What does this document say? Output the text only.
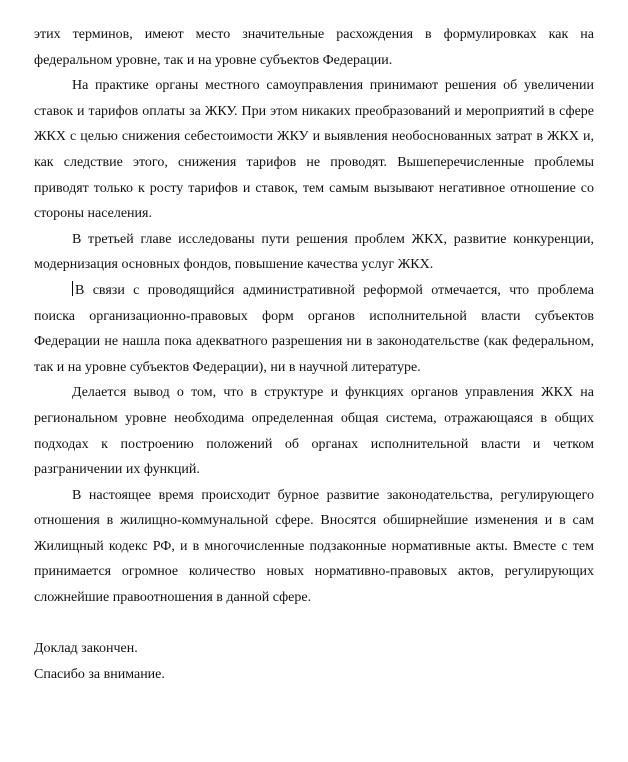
этих терминов, имеют место значительные расхождения в формулировках как на федеральном уровне, так и на уровне субъектов Федерации.

На практике органы местного самоуправления принимают решения об увеличении ставок и тарифов оплаты за ЖКУ. При этом никаких преобразований и мероприятий в сфере ЖКХ с целью снижения себестоимости ЖКУ и выявления необоснованных затрат в ЖКХ и, как следствие этого, снижения тарифов не проводят. Вышеперечисленные проблемы приводят только к росту тарифов и ставок, тем самым вызывают негативное отношение со стороны населения.

В третьей главе исследованы пути решения проблем ЖКХ, развитие конкуренции, модернизация основных фондов, повышение качества услуг ЖКХ.

В связи с проводящийся административной реформой отмечается, что проблема поиска организационно-правовых форм органов исполнительной власти субъектов Федерации не нашла пока адекватного разрешения ни в законодательстве (как федеральном, так и на уровне субъектов Федерации), ни в научной литературе.

Делается вывод о том, что в структуре и функциях органов управления ЖКХ на региональном уровне необходима определенная общая система, отражающаяся в общих подходах к построению положений об органах исполнительной власти и четком разграничении их функций.

В настоящее время происходит бурное развитие законодательства, регулирующего отношения в жилищно-коммунальной сфере. Вносятся обширнейшие изменения и в сам Жилищный кодекс РФ, и в многочисленные подзаконные нормативные акты. Вместе с тем принимается огромное количество новых нормативно-правовых актов, регулирующих сложнейшие правоотношения в данной сфере.

Доклад закончен.

Спасибо за внимание.
